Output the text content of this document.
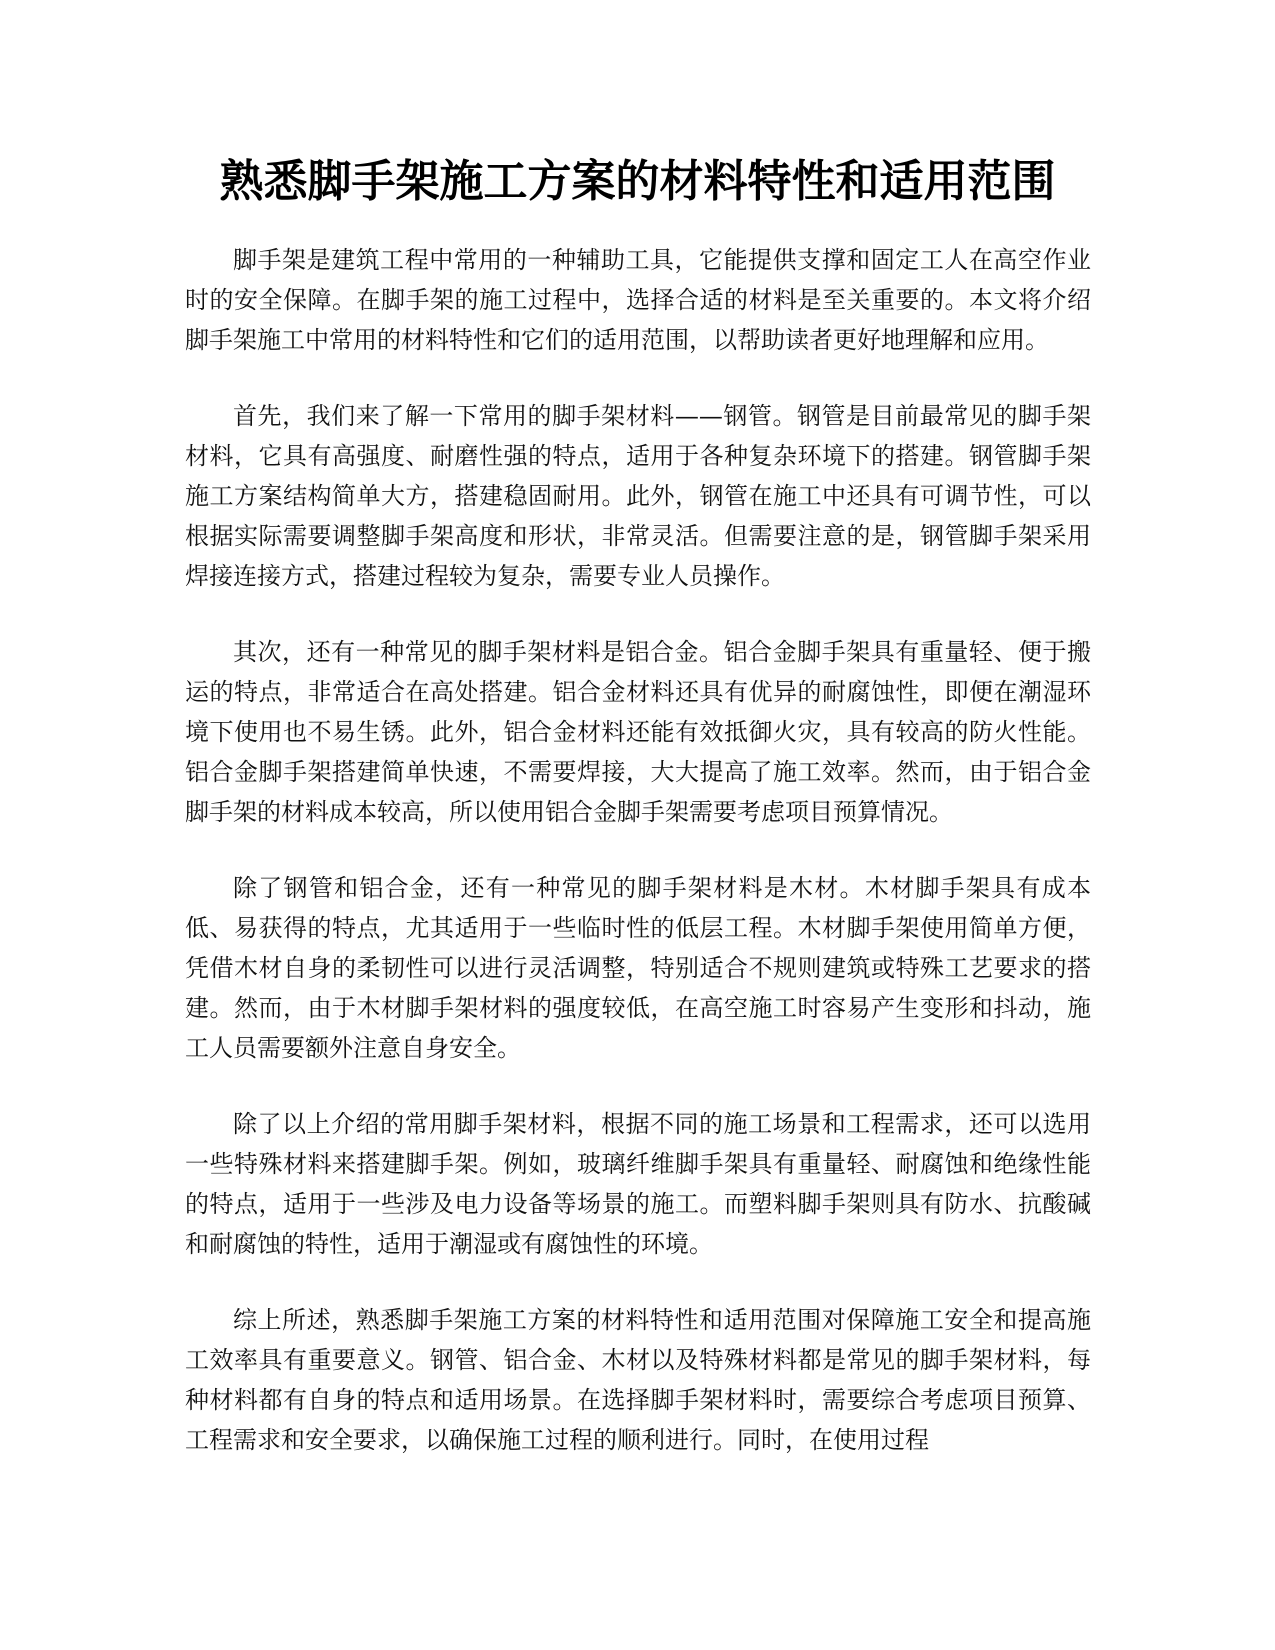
熟悉脚手架施工方案的材料特性和适用范围

脚手架是建筑工程中常用的一种辅助工具，它能提供支撑和固定工人在高空作业时的安全保障。在脚手架的施工过程中，选择合适的材料是至关重要的。本文将介绍脚手架施工中常用的材料特性和它们的适用范围，以帮助读者更好地理解和应用。

首先，我们来了解一下常用的脚手架材料——钢管。钢管是目前最常见的脚手架材料，它具有高强度、耐磨性强的特点，适用于各种复杂环境下的搭建。钢管脚手架施工方案结构简单大方，搭建稳固耐用。此外，钢管在施工中还具有可调节性，可以根据实际需要调整脚手架高度和形状，非常灵活。但需要注意的是，钢管脚手架采用焊接连接方式，搭建过程较为复杂，需要专业人员操作。

其次，还有一种常见的脚手架材料是铝合金。铝合金脚手架具有重量轻、便于搬运的特点，非常适合在高处搭建。铝合金材料还具有优异的耐腐蚀性，即便在潮湿环境下使用也不易生锈。此外，铝合金材料还能有效抵御火灾，具有较高的防火性能。铝合金脚手架搭建简单快速，不需要焊接，大大提高了施工效率。然而，由于铝合金脚手架的材料成本较高，所以使用铝合金脚手架需要考虑项目预算情况。

除了钢管和铝合金，还有一种常见的脚手架材料是木材。木材脚手架具有成本低、易获得的特点，尤其适用于一些临时性的低层工程。木材脚手架使用简单方便，凭借木材自身的柔韧性可以进行灵活调整，特别适合不规则建筑或特殊工艺要求的搭建。然而，由于木材脚手架材料的强度较低，在高空施工时容易产生变形和抖动，施工人员需要额外注意自身安全。

除了以上介绍的常用脚手架材料，根据不同的施工场景和工程需求，还可以选用一些特殊材料来搭建脚手架。例如，玻璃纤维脚手架具有重量轻、耐腐蚀和绝缘性能的特点，适用于一些涉及电力设备等场景的施工。而塑料脚手架则具有防水、抗酸碱和耐腐蚀的特性，适用于潮湿或有腐蚀性的环境。

综上所述，熟悉脚手架施工方案的材料特性和适用范围对保障施工安全和提高施工效率具有重要意义。钢管、铝合金、木材以及特殊材料都是常见的脚手架材料，每种材料都有自身的特点和适用场景。在选择脚手架材料时，需要综合考虑项目预算、工程需求和安全要求，以确保施工过程的顺利进行。同时，在使用过程
